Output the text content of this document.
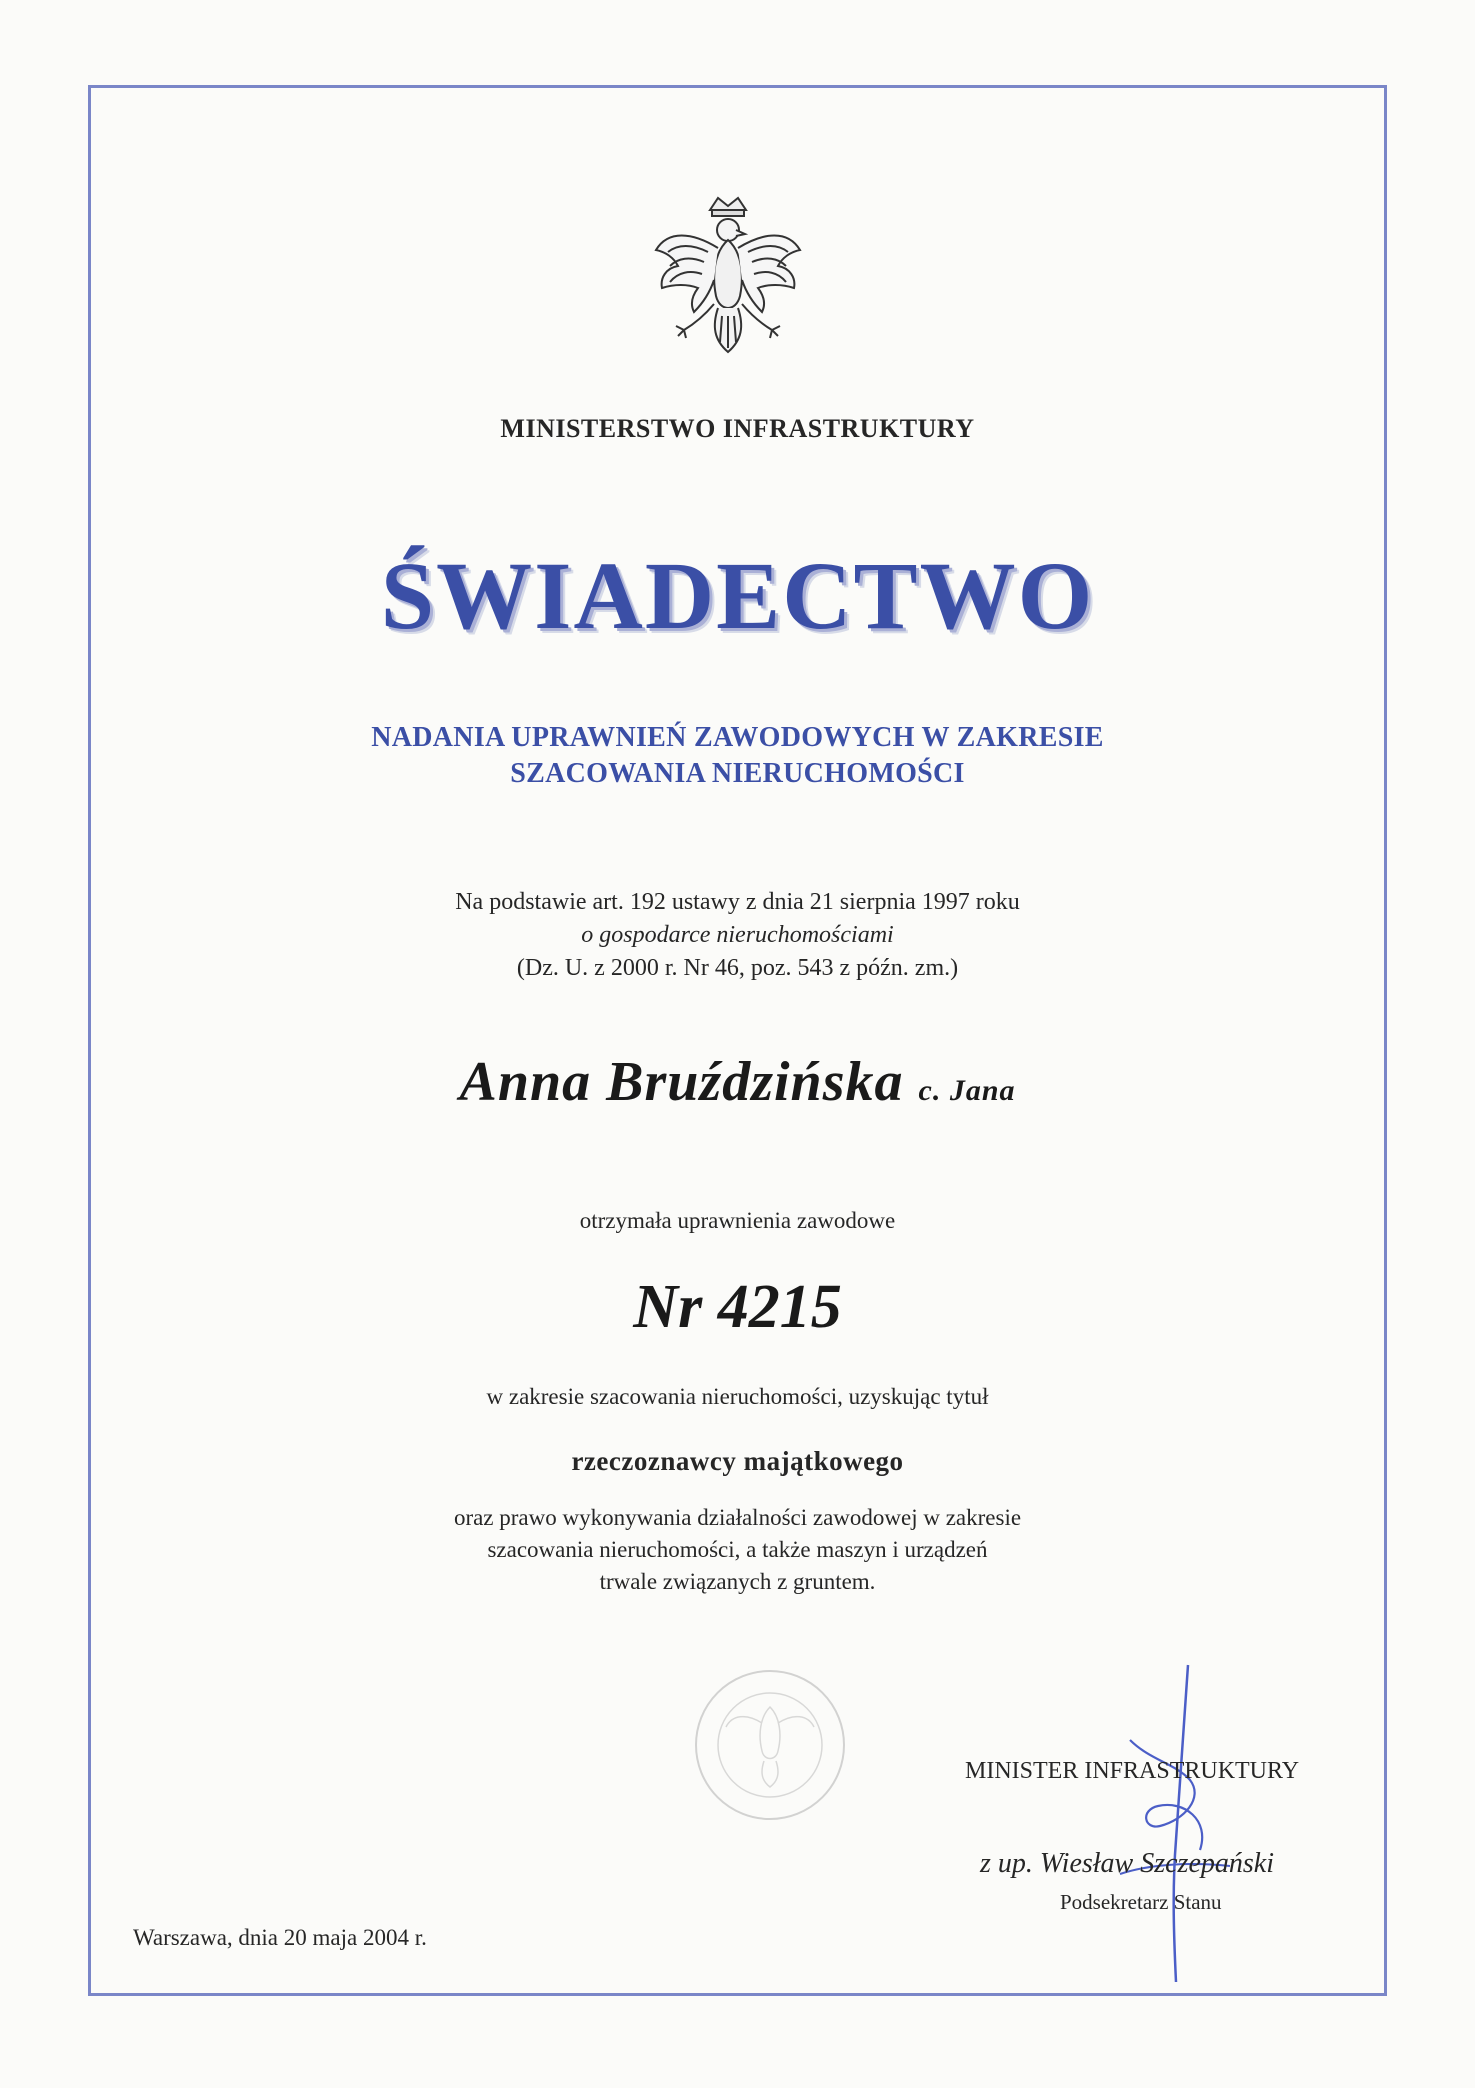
MINISTERSTWO INFRASTRUKTURY
ŚWIADECTWO
NADANIA UPRAWNIEŃ ZAWODOWYCH W ZAKRESIE
SZACOWANIA NIERUCHOMOŚCI
Na podstawie art. 192 ustawy z dnia 21 sierpnia 1997 roku
o gospodarce nieruchomościami
(Dz. U. z 2000 r. Nr 46, poz. 543 z późn. zm.)
Anna Bruździńska c. Jana
otrzymała uprawnienia zawodowe
Nr 4215
w zakresie szacowania nieruchomości, uzyskując tytuł
rzeczoznawcy majątkowego
oraz prawo wykonywania działalności zawodowej w zakresie
szacowania nieruchomości, a także maszyn i urządzeń
trwale związanych z gruntem.
MINISTER INFRASTRUKTURY
z up. Wiesław Szczepański
Podsekretarz Stanu
Warszawa, dnia 20 maja 2004 r.
